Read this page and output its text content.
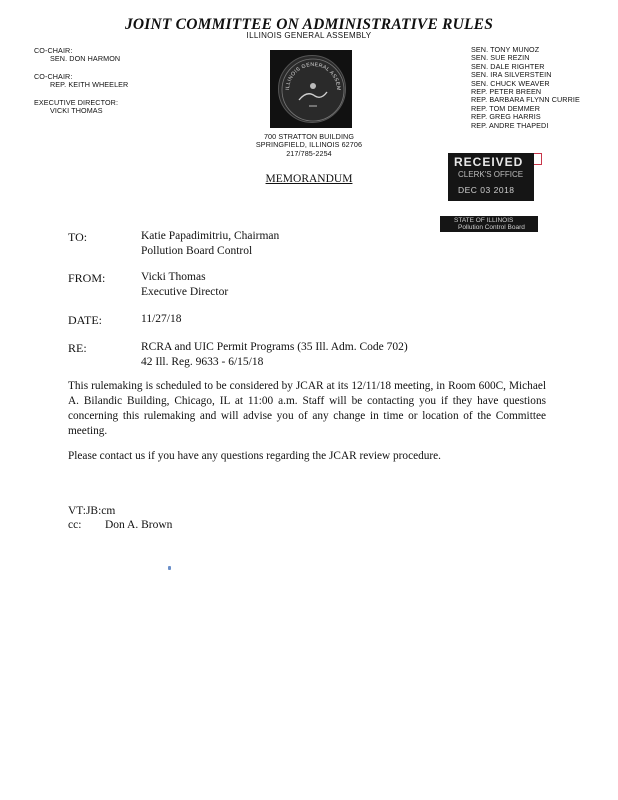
JOINT COMMITTEE ON ADMINISTRATIVE RULES
ILLINOIS GENERAL ASSEMBLY
CO-CHAIR:
SEN. DON HARMON
CO-CHAIR:
REP. KEITH WHEELER
EXECUTIVE DIRECTOR:
VICKI THOMAS
SEN. TONY MUNOZ
SEN. SUE REZIN
SEN. DALE RIGHTER
SEN. IRA SILVERSTEIN
SEN. CHUCK WEAVER
REP. PETER BREEN
REP. BARBARA FLYNN CURRIE
REP. TOM DEMMER
REP. GREG HARRIS
REP. ANDRE THAPEDI
ILLINOIS GENERAL ASSEM
700 STRATTON BUILDING
SPRINGFIELD, ILLINOIS 62706
217/785-2254
RECEIVED
CLERK'S OFFICE
DEC 03 2018
STATE OF ILLINOIS
Pollution Control Board
MEMORANDUM
TO:	Katie Papadimitriu, Chairman
Pollution Board Control
FROM:	Vicki Thomas
Executive Director
DATE:	11/27/18
RE:	RCRA and UIC Permit Programs (35 Ill. Adm. Code 702)
42 Ill. Reg. 9633 - 6/15/18
This rulemaking is scheduled to be considered by JCAR at its 12/11/18 meeting, in Room 600C, Michael A. Bilandic Building, Chicago, IL at 11:00 a.m. Staff will be contacting you if they have questions concerning this rulemaking and will advise you of any change in time or location of the Committee meeting.
Please contact us if you have any questions regarding the JCAR review procedure.
VT:JB:cm
cc: Don A. Brown
